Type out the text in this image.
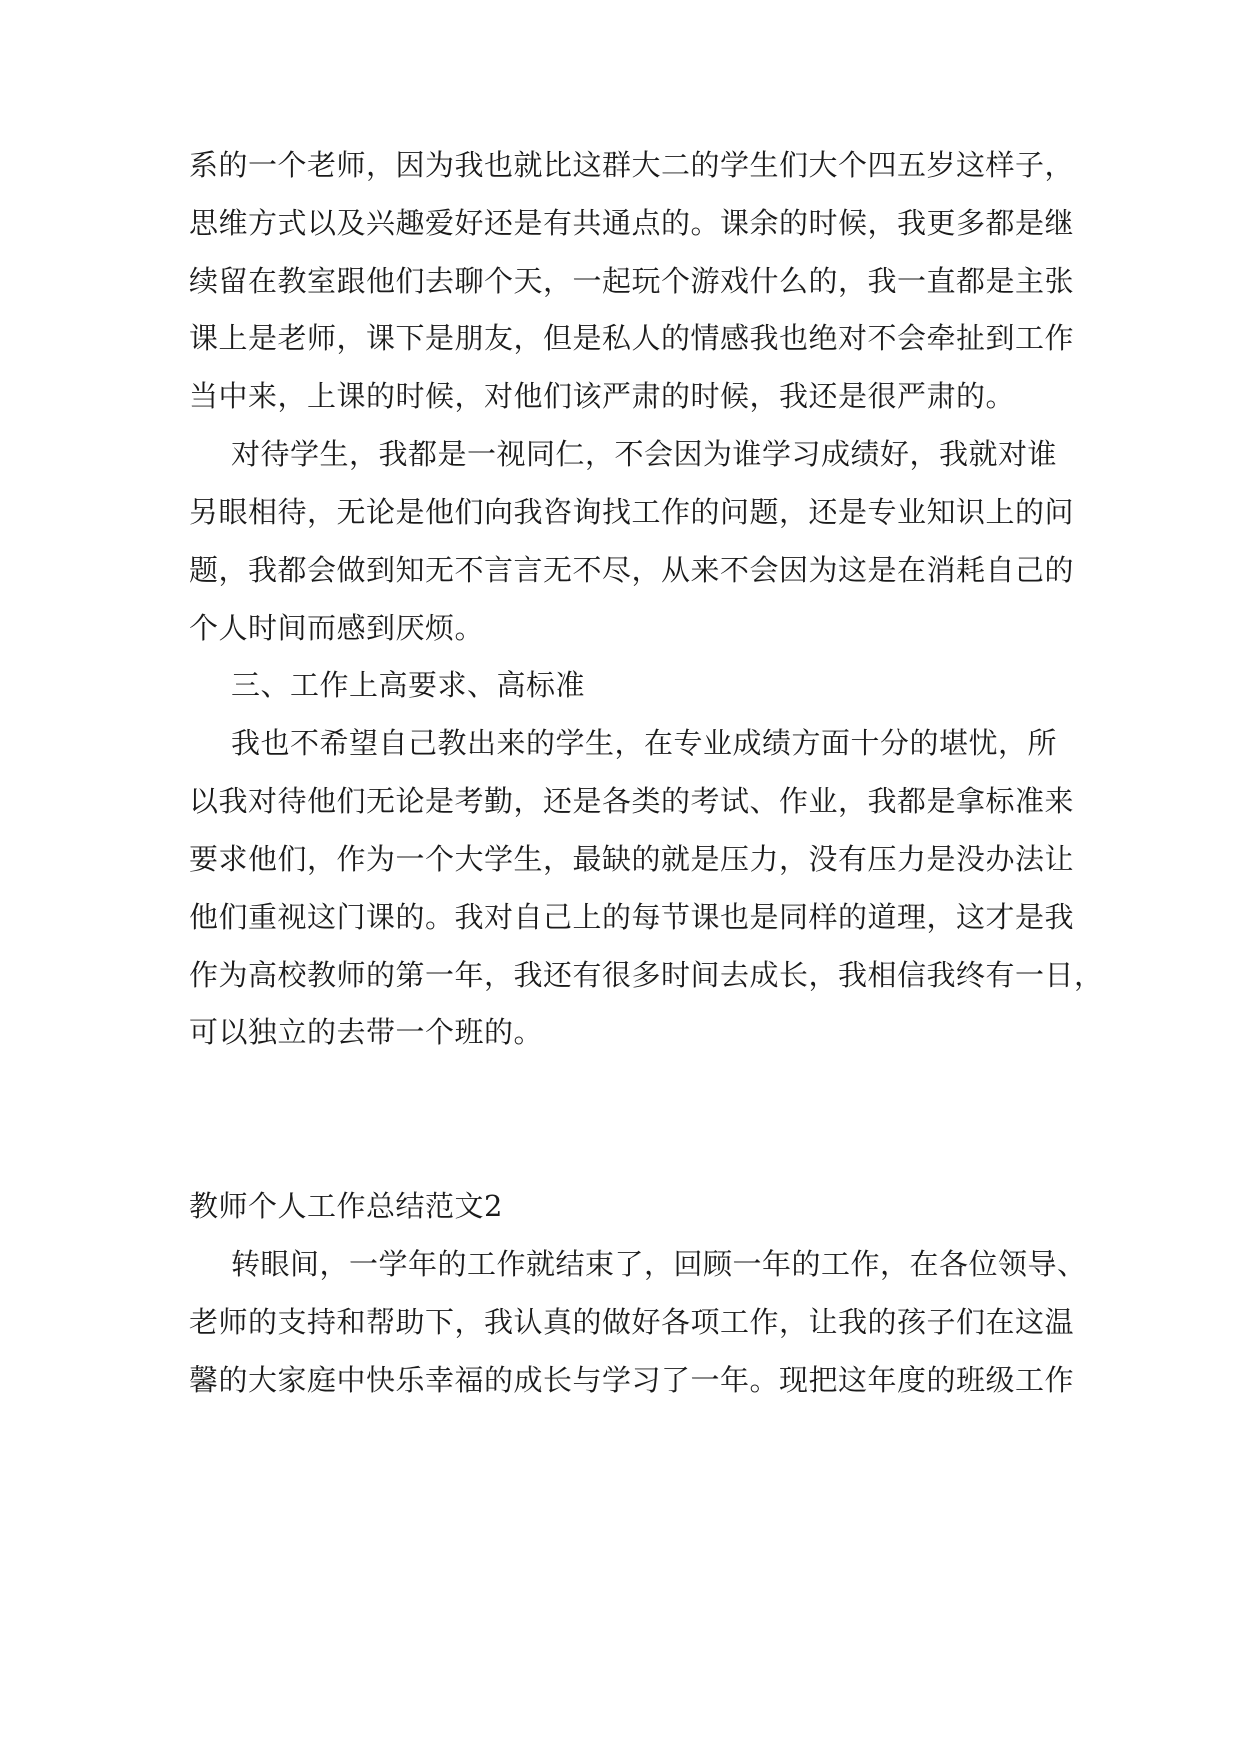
系的一个老师，因为我也就比这群大二的学生们大个四五岁这样子，
思维方式以及兴趣爱好还是有共通点的。课余的时候，我更多都是继
续留在教室跟他们去聊个天，一起玩个游戏什么的，我一直都是主张
课上是老师，课下是朋友，但是私人的情感我也绝对不会牵扯到工作
当中来，上课的时候，对他们该严肃的时候，我还是很严肃的。
对待学生，我都是一视同仁，不会因为谁学习成绩好，我就对谁
另眼相待，无论是他们向我咨询找工作的问题，还是专业知识上的问
题，我都会做到知无不言言无不尽，从来不会因为这是在消耗自己的
个人时间而感到厌烦。
三、工作上高要求、高标准
我也不希望自己教出来的学生，在专业成绩方面十分的堪忧，所
以我对待他们无论是考勤，还是各类的考试、作业，我都是拿标准来
要求他们，作为一个大学生，最缺的就是压力，没有压力是没办法让
他们重视这门课的。我对自己上的每节课也是同样的道理，这才是我
作为高校教师的第一年，我还有很多时间去成长，我相信我终有一日，
可以独立的去带一个班的。
教师个人工作总结范文2
转眼间，一学年的工作就结束了，回顾一年的工作，在各位领导、
老师的支持和帮助下，我认真的做好各项工作，让我的孩子们在这温
馨的大家庭中快乐幸福的成长与学习了一年。现把这年度的班级工作
